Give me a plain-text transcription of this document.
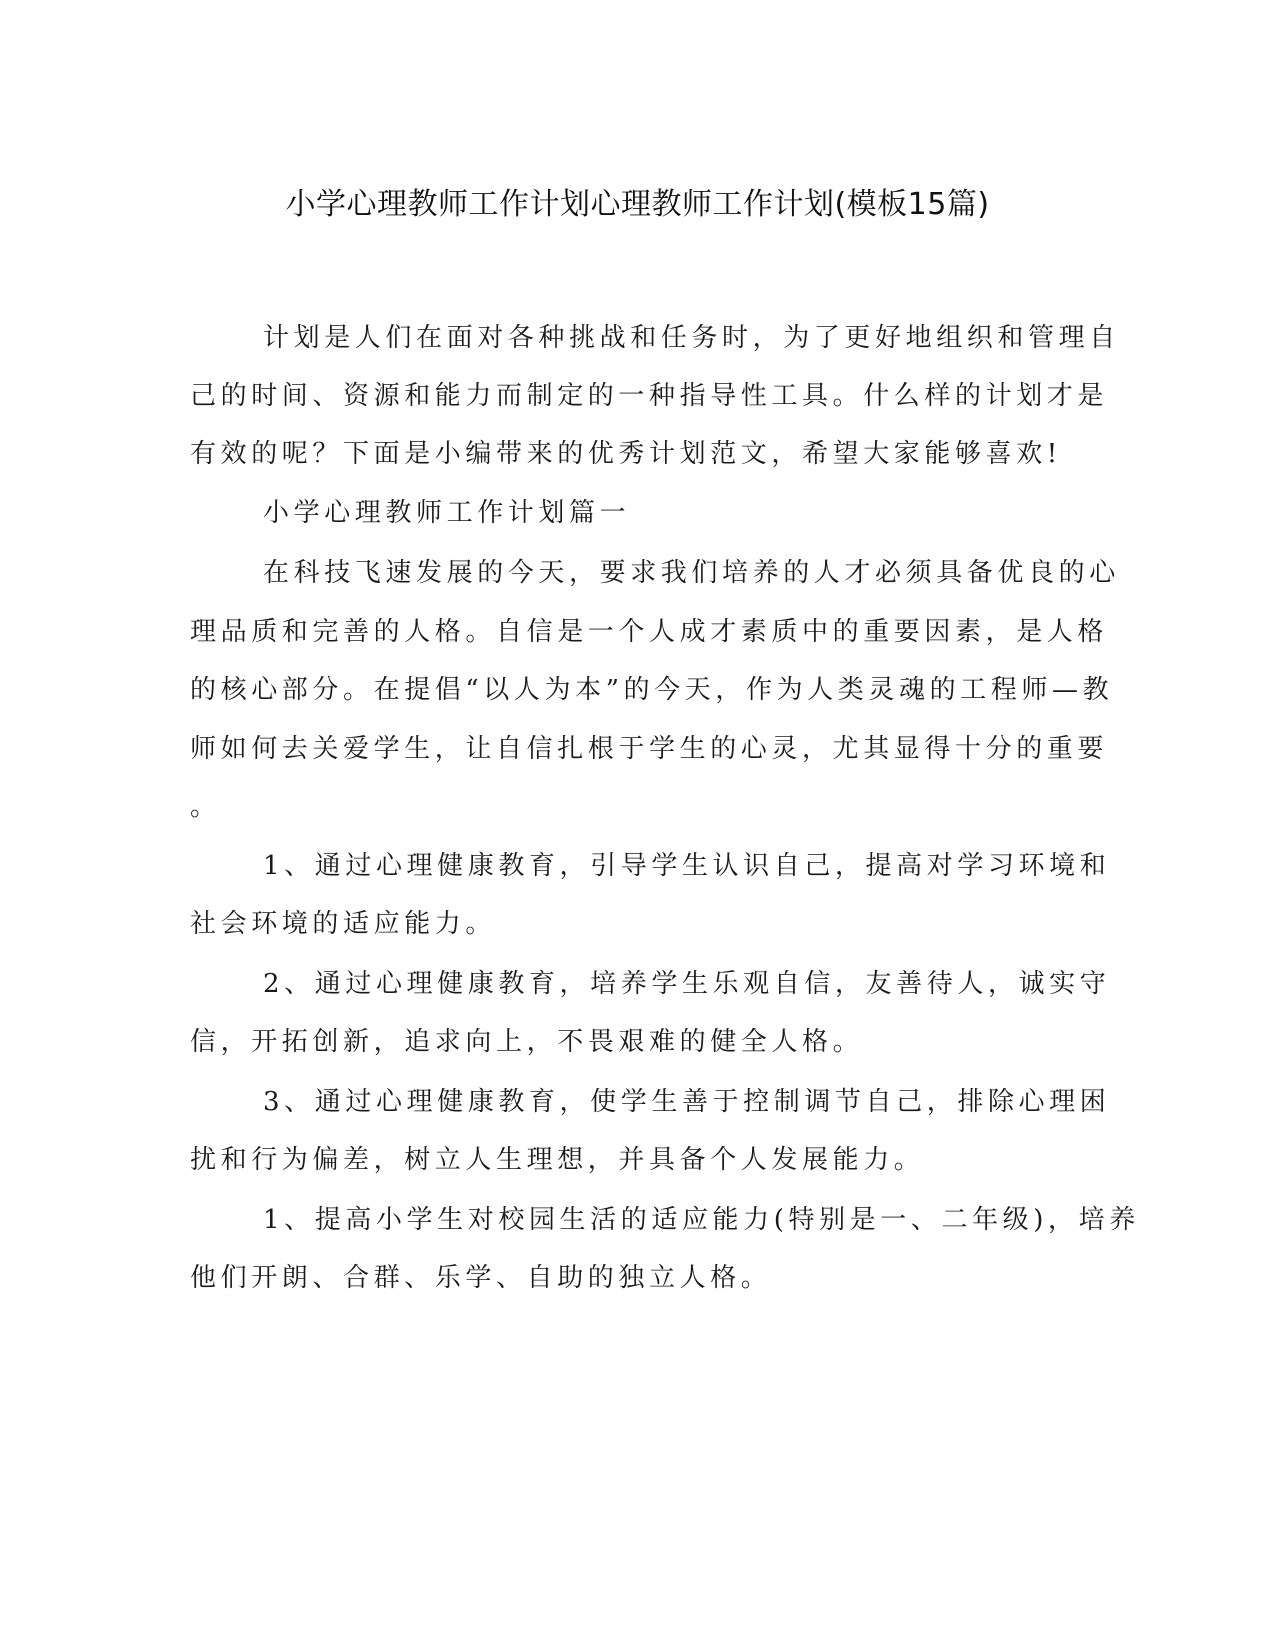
小学心理教师工作计划心理教师工作计划(模板15篇)
计划是人们在面对各种挑战和任务时，为了更好地组织和管理自
己的时间、资源和能力而制定的一种指导性工具。什么样的计划才是
有效的呢？下面是小编带来的优秀计划范文，希望大家能够喜欢!
小学心理教师工作计划篇一
在科技飞速发展的今天，要求我们培养的人才必须具备优良的心
理品质和完善的人格。自信是一个人成才素质中的重要因素，是人格
的核心部分。在提倡“以人为本”的今天，作为人类灵魂的工程师—教
师如何去关爱学生，让自信扎根于学生的心灵，尤其显得十分的重要
。
1、通过心理健康教育，引导学生认识自己，提高对学习环境和
社会环境的适应能力。
2、通过心理健康教育，培养学生乐观自信，友善待人，诚实守
信，开拓创新，追求向上，不畏艰难的健全人格。
3、通过心理健康教育，使学生善于控制调节自己，排除心理困
扰和行为偏差，树立人生理想，并具备个人发展能力。
1、提高小学生对校园生活的适应能力(特别是一、二年级)，培养
他们开朗、合群、乐学、自助的独立人格。
